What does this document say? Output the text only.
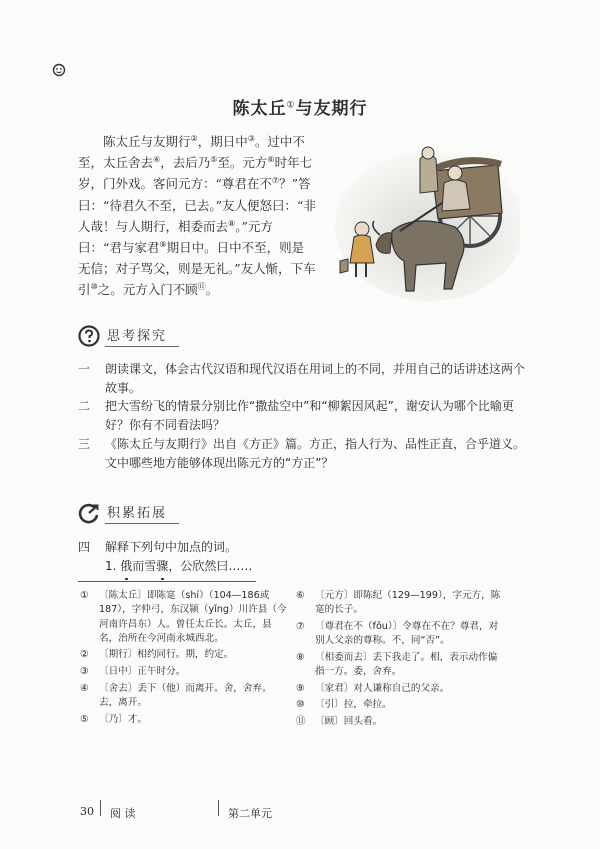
陈太丘①与友期行

陈太丘与友期行②，期日中③。过中不至，太丘舍去④，去后乃⑤至。元方⑥时年七岁，门外戏。客问元方：“尊君在不⑦？”答曰：“待君久不至，已去。”友人便怒曰：“非人哉！与人期行，相委而去⑧。”元方曰：“君与家君⑨期日中。日中不至，则是无信；对子骂父，则是无礼。”友人惭，下车引⑩之。元方入门不顾⑪。

思考探究
一 朗读课文，体会古代汉语和现代汉语在用词上的不同，并用自己的话讲述这两个故事。
二 把大雪纷飞的情景分别比作“撒盐空中”和“柳絮因风起”，谢安认为哪个比喻更好？你有不同看法吗？
三 《陈太丘与友期行》出自《方正》篇。方正，指人行为、品性正直，合乎道义。文中哪些地方能够体现出陈元方的“方正”？
积累拓展
四 解释下列句中加点的词。
1. 俄而雪骤，公欣然曰……
① 〔陈太丘〕即陈寔（shí）（104—186或187），字仲弓，东汉颍（yǐng）川许县（今河南许昌东）人。曾任太丘长。太丘，县名，治所在今河南永城西北。
② 〔期行〕相约同行。期，约定。
③ 〔日中〕正午时分。
④ 〔舍去〕丢下（他）而离开。舍，舍弃。去，离开。
⑤ 〔乃〕才。
⑥ 〔元方〕即陈纪（129—199），字元方，陈寔的长子。
⑦ 〔尊君在不（fǒu）〕令尊在不在？尊君，对别人父亲的尊称。不，同“否”。
⑧ 〔相委而去〕丢下我走了。相，表示动作偏指一方。委，舍弃。
⑨ 〔家君〕对人谦称自己的父亲。
⑩ 〔引〕拉，牵拉。
⑪ 〔顾〕回头看。
30 阅 读	第二单元
